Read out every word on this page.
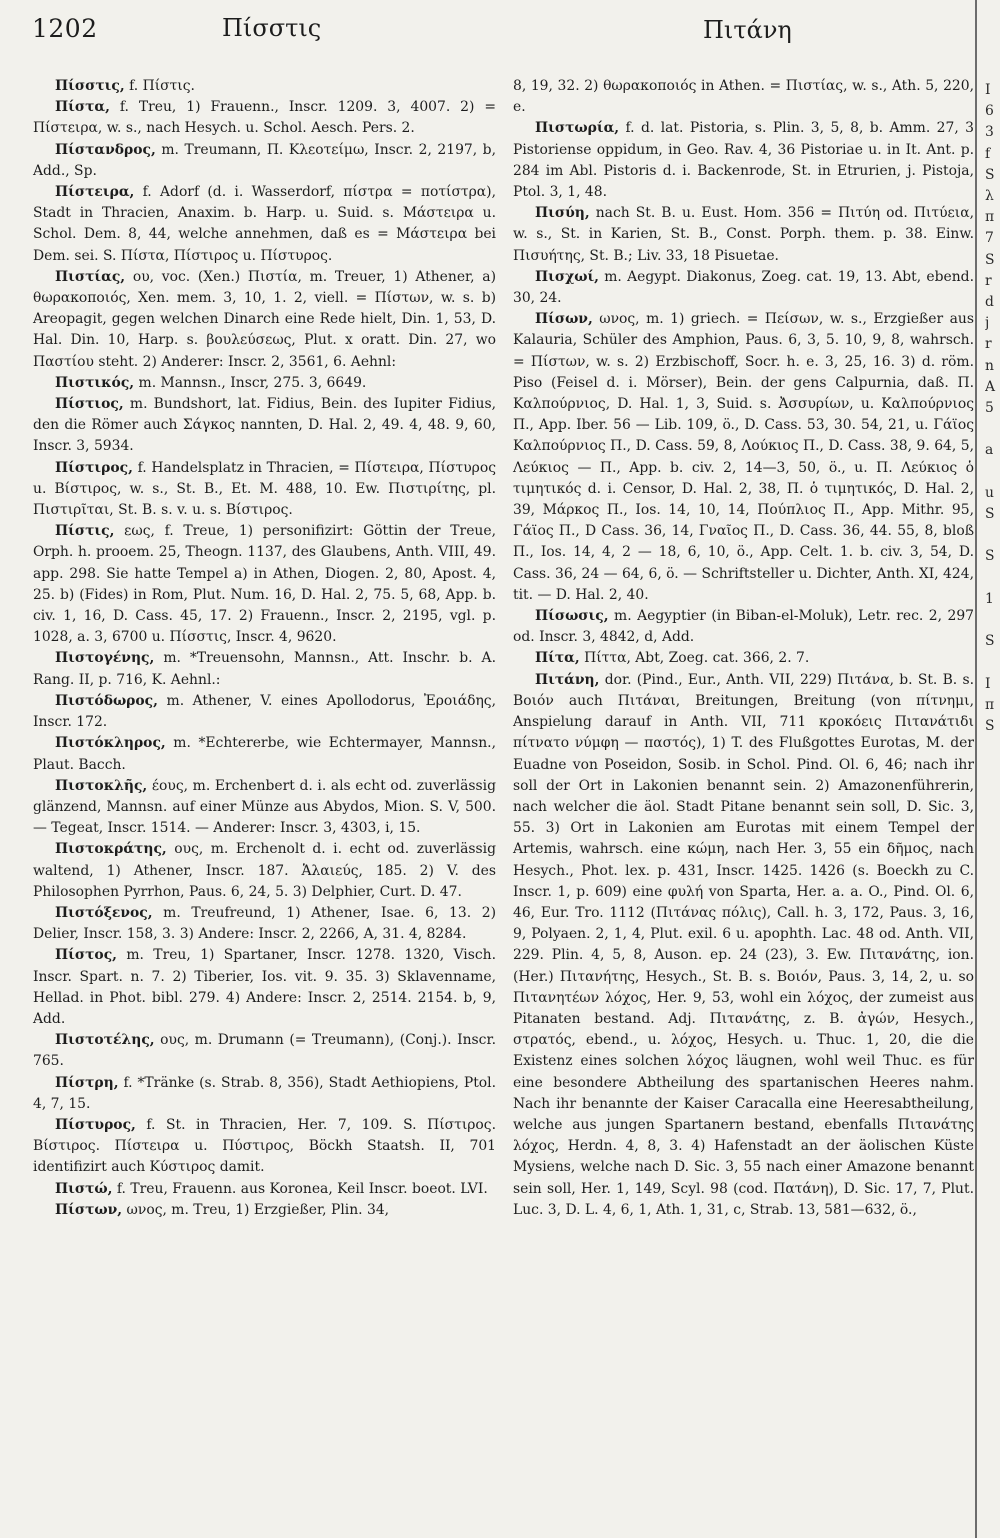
1202	Πίσστις	Πιτάνη

Πίσστις, f. Πίστις.

Πίστα, f. Treu, 1) Frauenn., Inscr. 1209. 3, 4007. 2) = Πίστειρα, w. s., nach Hesych. u. Schol. Aesch. Pers. 2.

Πίστανδρος, m. Treumann, Π. Κλεοτείμω, Inscr. 2, 2197, b, Add., Sp.

Πίστειρα, f. Adorf (d. i. Wasserdorf, πίστρα = ποτίστρα), Stadt in Thracien, Anaxim. b. Harp. u. Suid. s. Μάστειρα u. Schol. Dem. 8, 44, welche annehmen, daß es = Μάστειρα bei Dem. sei. S. Πίστα, Πίστιρος u. Πίστυρος.

Πιστίας, ου, voc. (Xen.) Πιστία, m. Treuer, 1) Athener, a) θωρακοποιός, Xen. mem. 3, 10, 1. 2, viell. = Πίστων, w. s. b) Areopagit, gegen welchen Dinarch eine Rede hielt, Din. 1, 53, D. Hal. Din. 10, Harp. s. βουλεύσεως, Plut. x oratt. Din. 27, wo Παστίου steht. 2) Anderer: Inscr. 2, 3561, 6. Aehnl:

Πιστικός, m. Mannsn., Inscr, 275. 3, 6649.

Πίστιος, m. Bundshort, lat. Fidius, Bein. des Iupiter Fidius, den die Römer auch Σάγκος nannten, D. Hal. 2, 49. 4, 48. 9, 60, Inscr. 3, 5934.

Πίστιρος, f. Handelsplatz in Thracien, = Πίστειρα, Πίστυρος u. Βίστιρος, w. s., St. B., Et. M. 488, 10. Ew. Πιστιρίτης, pl. Πιστιρῖται, St. B. s. v. u. s. Βίστιρος.

Πίστις, εως, f. Treue, 1) personifizirt: Göttin der Treue, Orph. h. prooem. 25, Theogn. 1137, des Glaubens, Anth. VIII, 49. app. 298. Sie hatte Tempel a) in Athen, Diogen. 2, 80, Apost. 4, 25. b) (Fides) in Rom, Plut. Num. 16, D. Hal. 2, 75. 5, 68, App. b. civ. 1, 16, D. Cass. 45, 17. 2) Frauenn., Inscr. 2, 2195, vgl. p. 1028, a. 3, 6700 u. Πίσστις, Inscr. 4, 9620.

Πιστογένης, m. *Treuensohn, Mannsn., Att. Inschr. b. A. Rang. II, p. 716, K. Aehnl.:

Πιστόδωρος, m. Athener, V. eines Apollodorus, Ἐροιάδης, Inscr. 172.

Πιστόκληρος, m. *Echtererbe, wie Echtermayer, Mannsn., Plaut. Bacch.

Πιστοκλῆς, έους, m. Erchenbert d. i. als echt od. zuverlässig glänzend, Mannsn. auf einer Münze aus Abydos, Mion. S. V, 500. — Tegeat, Inscr. 1514. — Anderer: Inscr. 3, 4303, i, 15.

Πιστοκράτης, ους, m. Erchenolt d. i. echt od. zuverlässig waltend, 1) Athener, Inscr. 187. Ἁλαιεύς, 185. 2) V. des Philosophen Pyrrhon, Paus. 6, 24, 5. 3) Delphier, Curt. D. 47.

Πιστόξενος, m. Treufreund, 1) Athener, Isae. 6, 13. 2) Delier, Inscr. 158, 3. 3) Andere: Inscr. 2, 2266, A, 31. 4, 8284.

Πίστος, m. Treu, 1) Spartaner, Inscr. 1278. 1320, Visch. Inscr. Spart. n. 7. 2) Tiberier, Ios. vit. 9. 35. 3) Sklavenname, Hellad. in Phot. bibl. 279. 4) Andere: Inscr. 2, 2514. 2154. b, 9, Add.

Πιστοτέλης, ους, m. Drumann (= Treumann), (Conj.). Inscr. 765.

Πίστρη, f. *Tränke (s. Strab. 8, 356), Stadt Aethiopiens, Ptol. 4, 7, 15.

Πίστυρος, f. St. in Thracien, Her. 7, 109. S. Πίστιρος. Βίστιρος. Πίστειρα u. Πύστιρος, Böckh Staatsh. II, 701 identifizirt auch Κύστιρος damit.

Πιστώ, f. Treu, Frauenn. aus Koronea, Keil Inscr. boeot. LVI.

Πίστων, ωνος, m. Treu, 1) Erzgießer, Plin. 34,

8, 19, 32. 2) θωρακοποιός in Athen. = Πιστίας, w. s., Ath. 5, 220, e.

Πιστωρία, f. d. lat. Pistoria, s. Plin. 3, 5, 8, b. Amm. 27, 3 Pistoriense oppidum, in Geo. Rav. 4, 36 Pistoriae u. in It. Ant. p. 284 im Abl. Pistoris d. i. Backenrode, St. in Etrurien, j. Pistoja, Ptol. 3, 1, 48.

Πισύη, nach St. B. u. Eust. Hom. 356 = Πιτύη od. Πιτύεια, w. s., St. in Karien, St. B., Const. Porph. them. p. 38. Einw. Πισυήτης, St. B.; Liv. 33, 18 Pisuetae.

Πισχωί, m. Aegypt. Diakonus, Zoeg. cat. 19, 13. Abt, ebend. 30, 24.

Πίσων, ωνος, m. 1) griech. = Πείσων, w. s., Erzgießer aus Kalauria, Schüler des Amphion, Paus. 6, 3, 5. 10, 9, 8, wahrsch. = Πίστων, w. s. 2) Erzbischoff, Socr. h. e. 3, 25, 16. 3) d. röm. Piso (Feisel d. i. Mörser), Bein. der gens Calpurnia, daß. Π. Καλπούρνιος, D. Hal. 1, 3, Suid. s. Ἀσσυρίων, u. Καλπούρνιος Π., App. Iber. 56 — Lib. 109, ö., D. Cass. 53, 30. 54, 21, u. Γάϊος Καλπούρνιος Π., D. Cass. 59, 8, Λούκιος Π., D. Cass. 38, 9. 64, 5, Λεύκιος — Π., App. b. civ. 2, 14—3, 50, ö., u. Π. Λεύκιος ὁ τιμητικός d. i. Censor, D. Hal. 2, 38, Π. ὁ τιμητικός, D. Hal. 2, 39, Μάρκος Π., Ios. 14, 10, 14, Πούπλιος Π., App. Mithr. 95, Γάϊος Π., D Cass. 36, 14, Γναῖος Π., D. Cass. 36, 44. 55, 8, bloß Π., Ios. 14, 4, 2 — 18, 6, 10, ö., App. Celt. 1. b. civ. 3, 54, D. Cass. 36, 24 — 64, 6, ö. — Schriftsteller u. Dichter, Anth. XI, 424, tit. — D. Hal. 2, 40.

Πίσωσις, m. Aegyptier (in Biban-el-Moluk), Letr. rec. 2, 297 od. Inscr. 3, 4842, d, Add.

Πίτα, Πίττα, Abt, Zoeg. cat. 366, 2. 7.

Πιτάνη, dor. (Pind., Eur., Anth. VII, 229) Πιτάνα, b. St. B. s. Βοιόν auch Πιτάναι, Breitungen, Breitung (von πίτνημι, Anspielung darauf in Anth. VII, 711 κροκόεις Πιτανάτιδι πίτνατο νύμφη — παστός), 1) T. des Flußgottes Eurotas, M. der Euadne von Poseidon, Sosib. in Schol. Pind. Ol. 6, 46; nach ihr soll der Ort in Lakonien benannt sein. 2) Amazonenführerin, nach welcher die äol. Stadt Pitane benannt sein soll, D. Sic. 3, 55. 3) Ort in Lakonien am Eurotas mit einem Tempel der Artemis, wahrsch. eine κώμη, nach Her. 3, 55 ein δῆμος, nach Hesych., Phot. lex. p. 431, Inscr. 1425. 1426 (s. Boeckh zu C. Inscr. 1, p. 609) eine φυλή von Sparta, Her. a. a. O., Pind. Ol. 6, 46, Eur. Tro. 1112 (Πιτάνας πόλις), Call. h. 3, 172, Paus. 3, 16, 9, Polyaen. 2, 1, 4, Plut. exil. 6 u. apophth. Lac. 48 od. Anth. VII, 229. Plin. 4, 5, 8, Auson. ep. 24 (23), 3. Ew. Πιτανάτης, ion. (Her.) Πιτανήτης, Hesych., St. B. s. Βοιόν, Paus. 3, 14, 2, u. so Πιτανητέων λόχος, Her. 9, 53, wohl ein λόχος, der zumeist aus Pitanaten bestand. Adj. Πιτανάτης, z. B. ἀγών, Hesych., στρατός, ebend., u. λόχος, Hesych. u. Thuc. 1, 20, die die Existenz eines solchen λόχος läugnen, wohl weil Thuc. es für eine besondere Abtheilung des spartanischen Heeres nahm. Nach ihr benannte der Kaiser Caracalla eine Heeresabtheilung, welche aus jungen Spartanern bestand, ebenfalls Πιτανάτης λόχος, Herdn. 4, 8, 3. 4) Hafenstadt an der äolischen Küste Mysiens, welche nach D. Sic. 3, 55 nach einer Amazone benannt sein soll, Her. 1, 149, Scyl. 98 (cod. Πατάνη), D. Sic. 17, 7, Plut. Luc. 3, D. L. 4, 6, 1, Ath. 1, 31, c, Strab. 13, 581—632, ö.,

I
6
3
f
S
λ
π
7
S
r
d
j
r
n
A
5

a

u
S

S

1

S

I
π
S
